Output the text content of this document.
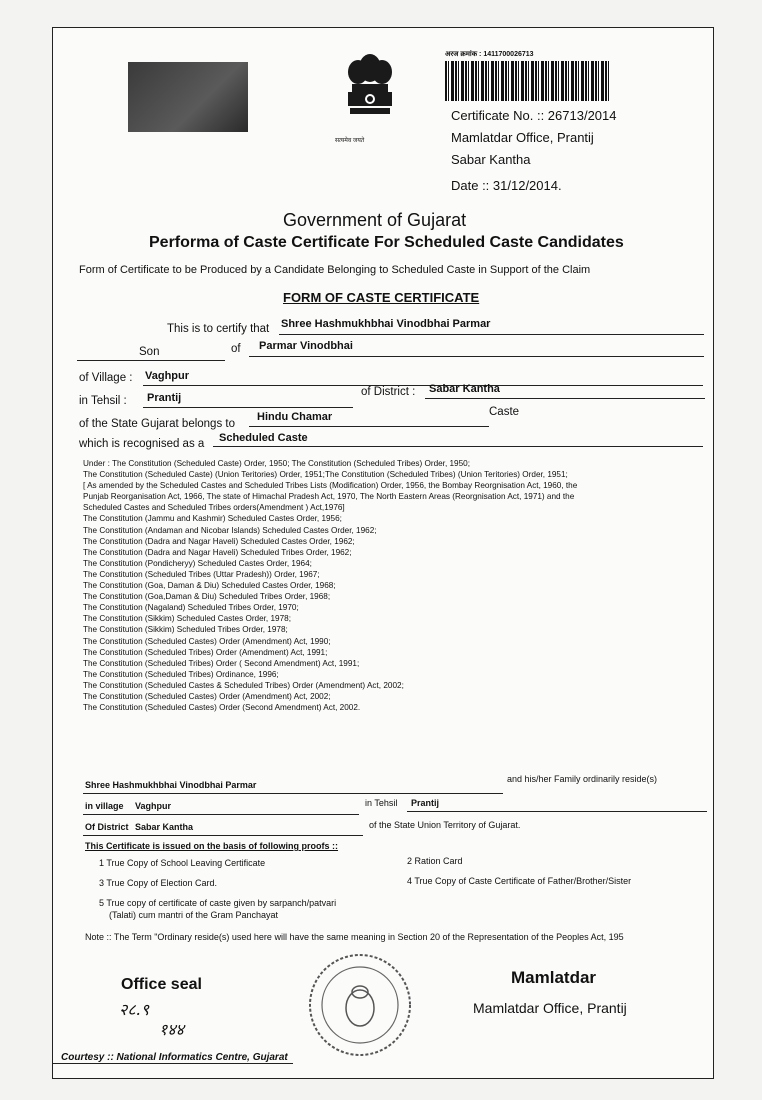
सत्यमेव जयते
अरज क्रमांक : 1411700026713
Certificate No. :: 26713/2014
Mamlatdar Office, Prantij
Sabar Kantha
Date :: 31/12/2014.
Government of Gujarat
Performa of Caste Certificate For Scheduled Caste Candidates
Form of Certificate to be Produced by a Candidate Belonging to Scheduled Caste in Support of the Claim
FORM OF CASTE CERTIFICATE
This is to certify that Shree Hashmukhbhai Vinodbhai Parmar
Son	of Parmar Vinodbhai
of Village : Vaghpur
in Tehsil : Prantij	of District : Sabar Kantha
of the State Gujarat belongs to
Hindu Chamar	Caste
which is recognised as a Scheduled Caste
Under : The Constitution (Scheduled Caste) Order, 1950; The Constitution (Scheduled Tribes) Order, 1950;
The Constitution (Scheduled Caste) (Union Teritories) Order, 1951;The Constitution (Scheduled Tribes) (Union Teritories) Order, 1951;
[ As amended by the Scheduled Castes and Scheduled Tribes Lists (Modification) Order, 1956, the Bombay Reorgnisation Act, 1960, the
Punjab Reorganisation Act, 1966, The state of Himachal Pradesh Act, 1970, The North Eastern Areas (Reorgnisation Act, 1971) and the
Scheduled Castes and Scheduled Tribes orders(Amendment ) Act,1976]
The Constitution (Jammu and Kashmir) Scheduled Castes Order, 1956;
The Constitution (Andaman and Nicobar Islands) Scheduled Castes Order, 1962;
The Constitution (Dadra and Nagar Haveli) Scheduled Castes Order, 1962;
The Constitution (Dadra and Nagar Haveli) Scheduled Tribes Order, 1962;
The Constitution (Pondicheryy) Scheduled Castes Order, 1964;
The Constitution (Scheduled Tribes (Uttar Pradesh)) Order, 1967;
The Constitution (Goa, Daman & Diu) Scheduled Castes Order, 1968;
The Constitution (Goa,Daman & Diu) Scheduled Tribes Order, 1968;
The Constitution (Nagaland) Scheduled Tribes Order, 1970;
The Constitution (Sikkim) Scheduled Castes Order, 1978;
The Constitution (Sikkim) Scheduled Tribes Order, 1978;
The Constitution (Scheduled Castes) Order (Amendment) Act, 1990;
The Constitution (Scheduled Tribes) Order (Amendment) Act, 1991;
The Constitution (Scheduled Tribes) Order ( Second Amendment) Act, 1991;
The Constitution (Scheduled Tribes) Ordinance, 1996;
The Constitution (Scheduled Castes & Scheduled Tribes) Order (Amendment) Act, 2002;
The Constitution (Scheduled Castes) Order (Amendment) Act, 2002;
The Constitution (Scheduled Castes) Order (Second Amendment) Act, 2002.
Shree Hashmukhbhai Vinodbhai Parmar
and his/her Family ordinarily reside(s)
in village Vaghpur	in Tehsil Prantij
Of District Sabar Kantha	of the State Union Territory of Gujarat.
This Certificate is issued on the basis of following proofs ::
1 True Copy of School Leaving Certificate	2 Ration Card
3 True Copy of Election Card.	4 True Copy of Caste Certificate of Father/Brother/Sister
5 True copy of certificate of caste given by sarpanch/patvari
(Talati) cum mantri of the Gram Panchayat
Note :: The Term "Ordinary reside(s) used here will have the same meaning in Section 20 of the Representation of the Peoples Act, 195
Office seal
२८.९
१४४
Mamlatdar
Mamlatdar Office, Prantij
Courtesy :: National Informatics Centre, Gujarat
